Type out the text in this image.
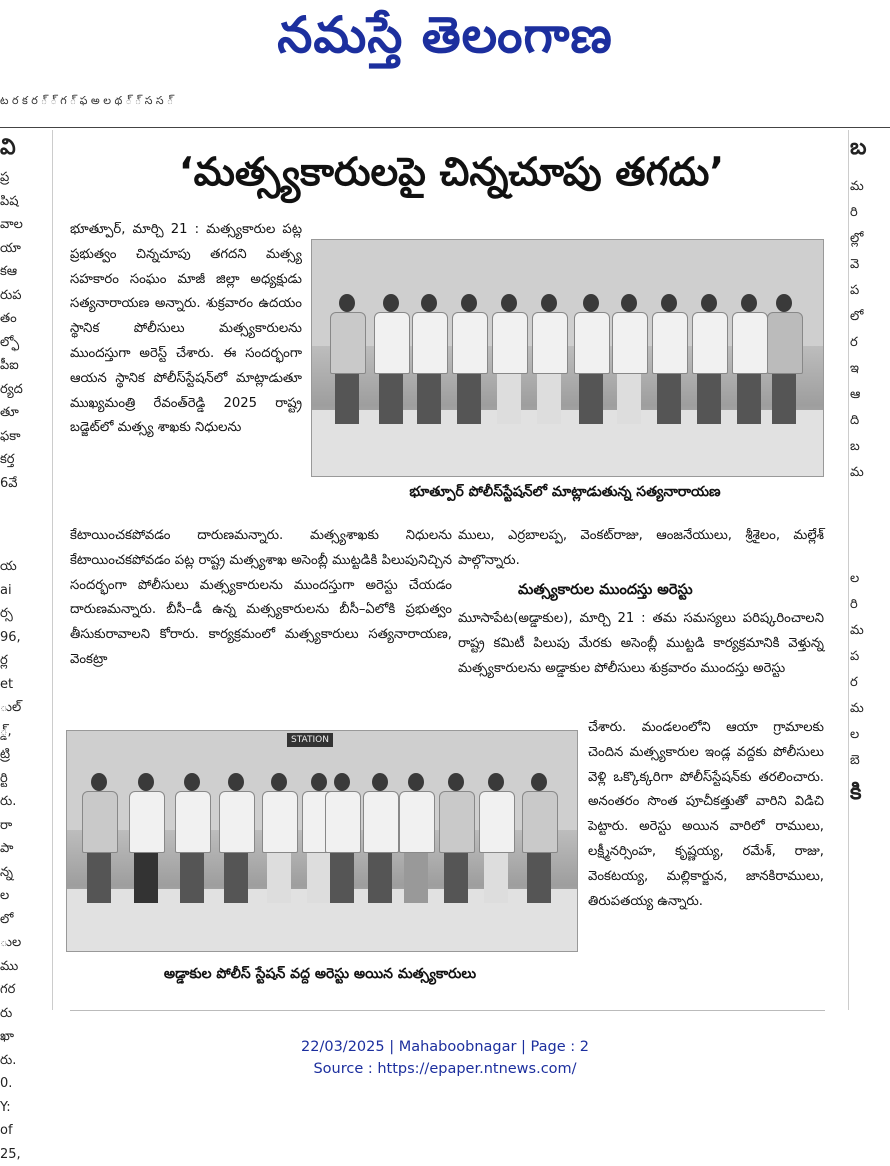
నమస్తే తెలంగాణ
ట ర క ర ్ ్ గ ్ ఫ అ ల థ ్ ్ స స ్
వి
ప్ర
పిష
వాల
యా
కఆ
రుప
తం
ల్ఫో
పీఐ
ర్యద
తూ
ఫకా
కర్త
6వే
య
ai
ర్స
96,
ర్ల
et
ుల్
్డ్,
ట్రి
ర్టి
రు.
రా
పా
న్న
ల
లో
ుల
ము
గర
రు
ఖా
రు.
0.
Y:
of
25,
బ
మ
రి
ల్లో
వె
ప
లో
ర
ఇ
ఆ
ది
బ
మ
ల
రి
మ
ప
ర
మ
ల
బె
కి
‘మత్స్యకారులపై చిన్నచూపు తగదు’
భూత్పూర్, మార్చి 21 : మత్స్యకారుల పట్ల ప్రభుత్వం చిన్నచూపు తగదని మత్స్య సహకారం సంఘం మాజీ జిల్లా అధ్యక్షుడు సత్యనారాయణ అన్నారు. శుక్రవారం ఉదయం స్థానిక పోలీసులు మత్స్యకారులను ముందస్తుగా అరెస్ట్ చేశారు. ఈ సందర్భంగా ఆయన స్థానిక పోలీస్‌స్టేషన్‌లో మాట్లాడుతూ ముఖ్యమంత్రి రేవంత్‌రెడ్డి 2025 రాష్ట్ర బడ్జెట్‌లో మత్స్య శాఖకు నిధులను
భూత్పూర్ పోలీస్‌స్టేషన్‌లో మాట్లాడుతున్న సత్యనారాయణ
కేటాయించకపోవడం దారుణమన్నారు. మత్స్యశాఖకు నిధులను కేటాయించకపోవడం పట్ల రాష్ట్ర మత్స్యశాఖ అసెంబ్లీ ముట్టడికి పిలుపునిచ్చిన సందర్భంగా పోలీసులు మత్స్యకారులను ముందస్తుగా అరెస్టు చేయడం దారుణమన్నారు. బీసీ–డీ ఉన్న మత్స్యకారులను బీసీ–ఏలోకి ప్రభుత్వం తీసుకురావాలని కోరారు. కార్యక్రమంలో మత్స్యకారులు సత్యనారాయణ, వెంకట్రా
ములు, ఎర్రబాలప్ప, వెంకట్‌రాజు, ఆంజనేయులు, శ్రీశైలం, మల్లేశ్ పాల్గొన్నారు.
మత్స్యకారుల ముందస్తు అరెస్టు
మూసాపేట(అడ్డాకుల), మార్చి 21 : తమ సమస్యలు పరిష్కరించాలని రాష్ట్ర కమిటీ పిలుపు మేరకు అసెంబ్లీ ముట్టడి కార్యక్రమానికి వెళ్తున్న మత్స్యకారులను అడ్డాకుల పోలీసులు శుక్రవారం ముందస్తు అరెస్టు
STATION
అడ్డాకుల పోలీస్ స్టేషన్ వద్ద అరెస్టు అయిన మత్స్యకారులు
చేశారు. మండలంలోని ఆయా గ్రామాలకు చెందిన మత్స్యకారుల ఇండ్ల వద్దకు పోలీసులు వెళ్లి ఒక్కొక్కరిగా పోలీస్‌స్టేషన్‌కు తరలించారు. అనంతరం సొంత పూచీకత్తుతో వారిని విడిచి పెట్టారు. అరెస్టు అయిన వారిలో రాములు, లక్ష్మీనర్సింహ, కృష్ణయ్య, రమేశ్, రాజు, వెంకటయ్య, మల్లికార్జున, జానకిరాములు, తిరుపతయ్య ఉన్నారు.
22/03/2025 | Mahaboobnagar | Page : 2
Source : https://epaper.ntnews.com/
